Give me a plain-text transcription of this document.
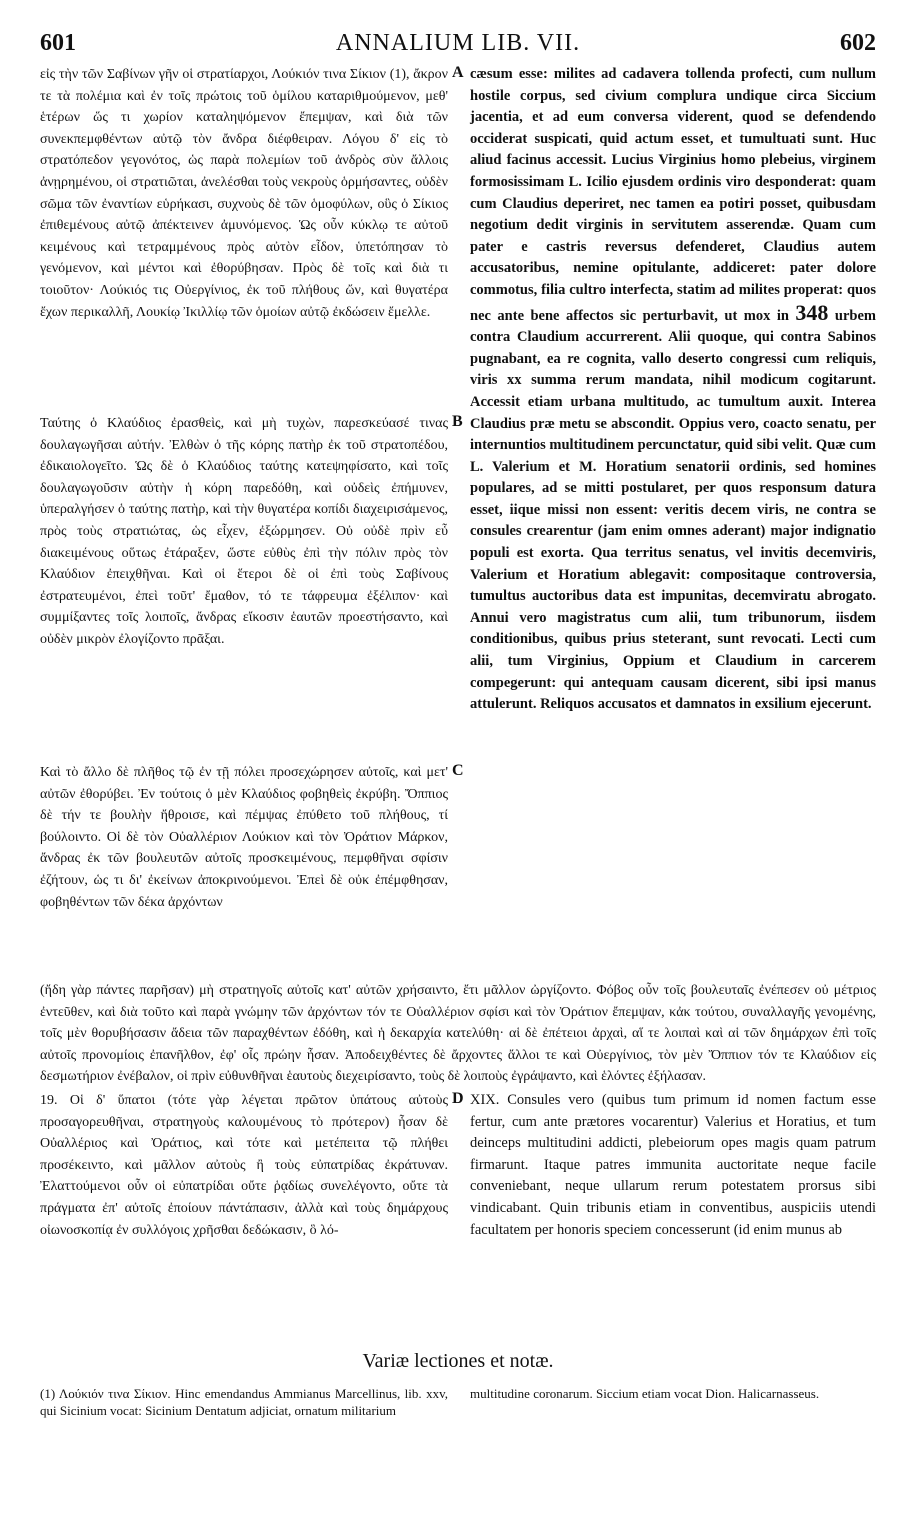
601	ANNALIUM LIB. VII.	602
εἰς τὴν τῶν Σαβίνων γῆν οἱ στρατίαρχοι, Λούκιόν τινα Σίκιον (1), ἄκρον τε τὰ πολέμια καὶ ἐν τοῖς πρώτοις τοῦ ὁμίλου καταριθμούμενον, μεθ' ἑτέρων ὥς τι χωρίον καταληψόμενον ἔπεμψαν, καὶ διὰ τῶν συνεκπεμφθέντων αὐτῷ τὸν ἄνδρα διέφθειραν. Λόγου δ' εἰς τὸ στρατόπεδον γεγονότος, ὡς παρὰ πολεμίων τοῦ ἀνδρὸς σὺν ἄλλοις ἀνῃρημένου, οἱ στρατιῶται, ἀνελέσθαι τοὺς νεκροὺς ὁρμήσαντες, οὐδὲν σῶμα τῶν ἐναντίων εὑρήκασι, συχνοὺς δὲ τῶν ὁμοφύλων, οὓς ὁ Σίκιος ἐπιθεμένους αὐτῷ ἀπέκτεινεν ἀμυνόμενος. Ὡς οὖν κύκλῳ τε αὐτοῦ κειμένους καὶ τετραμμένους πρὸς αὐτὸν εἶδον, ὑπετόπησαν τὸ γενόμενον, καὶ μέντοι καὶ ἐθορύβησαν. Πρὸς δὲ τοῖς καὶ διὰ τι τοιοῦτον· Λούκιός τις Οὐεργίνιος, ἐκ τοῦ πλήθους ὤν, καὶ θυγατέρα ἔχων περικαλλῆ, Λουκίῳ Ἰκιλλίῳ τῶν ὁμοίων αὐτῷ ἐκδώσειν ἔμελλε.
Ταύτης ὁ Κλαύδιος ἐρασθεὶς, καὶ μὴ τυχὼν, παρεσκεύασέ τινας δουλαγωγῆσαι αὐτήν. Ἐλθὼν ὁ τῆς κόρης πατὴρ ἐκ τοῦ στρατοπέδου, ἐδικαιολογεῖτο. Ὡς δὲ ὁ Κλαύδιος ταύτης κατεψηφίσατο, καὶ τοῖς δουλαγωγοῦσιν αὐτὴν ἡ κόρη παρεδόθη, καὶ οὐδεὶς ἐπήμυνεν, ὑπεραλγήσεν ὁ ταύτης πατὴρ, καὶ τὴν θυγατέρα κοπίδι διαχειρισάμενος, πρὸς τοὺς στρατιώτας, ὡς εἶχεν, ἐξώρμησεν. Οὐ οὐδὲ πρὶν εὖ διακειμένους οὕτως ἐτάραξεν, ὥστε εὐθὺς ἐπὶ τὴν πόλιν πρὸς τὸν Κλαύδιον ἐπειχθῆναι. Καὶ οἱ ἕτεροι δὲ οἱ ἐπὶ τοὺς Σαβίνους ἐστρατευμένοι, ἐπεὶ τοῦτ' ἔμαθον, τό τε τάφρευμα ἐξέλιπον· καὶ συμμίξαντες τοῖς λοιποῖς, ἄνδρας εἴκοσιν ἑαυτῶν προεστήσαντο, καὶ οὐδὲν μικρὸν ἐλογίζοντο πρᾶξαι.
Καὶ τὸ ἄλλο δὲ πλῆθος τῷ ἐν τῇ πόλει προσεχώρησεν αὐτοῖς, καὶ μετ' αὐτῶν ἐθορύβει. Ἐν τούτοις ὁ μὲν Κλαύδιος φοβηθεὶς ἐκρύβη. Ὄππιος δὲ τήν τε βουλὴν ἤθροισε, καὶ πέμψας ἐπύθετο τοῦ πλήθους, τί βούλοιντο. Οἱ δὲ τὸν Οὐαλλέριον Λούκιον καὶ τὸν Ὀράτιον Μάρκον, ἄνδρας ἐκ τῶν βουλευτῶν αὐτοῖς προσκειμένους, πεμφθῆναι σφίσιν ἐζήτουν, ὡς τι δι' ἐκείνων ἀποκρινούμενοι. Ἐπεὶ δὲ οὐκ ἐπέμφθησαν, φοβηθέντων τῶν δέκα ἀρχόντων
A
B
C
D
cæsum esse: milites ad cadavera tollenda profecti, cum nullum hostile corpus, sed civium complura undique circa Siccium jacentia, et ad eum conversa viderent, quod se defendendo occiderat suspicati, quid actum esset, et tumultuati sunt. Huc aliud facinus accessit. Lucius Virginius homo plebeius, virginem formosissimam L. Icilio ejusdem ordinis viro desponderat: quam cum Claudius deperiret, nec tamen ea potiri posset, quibusdam negotium dedit virginis in servitutem asserendæ. Quam cum pater e castris reversus defenderet, Claudius autem accusatoribus, nemine opitulante, addiceret: pater dolore commotus, filia cultro interfecta, statim ad milites properat: quos nec ante bene affectos sic perturbavit, ut mox in 348 urbem contra Claudium accurrerent. Alii quoque, qui contra Sabinos pugnabant, ea re cognita, vallo deserto congressi cum reliquis, viris xx summa rerum mandata, nihil modicum cogitarunt. Accessit etiam urbana multitudo, ac tumultum auxit. Interea Claudius præ metu se abscondit. Oppius vero, coacto senatu, per internuntios multitudinem percunctatur, quid sibi velit. Quæ cum L. Valerium et M. Horatium senatorii ordinis, sed homines populares, ad se mitti postularet, per quos responsum datura esset, iique missi non essent: veritis decem viris, ne contra se consules crearentur (jam enim omnes aderant) major indignatio populi est exorta. Qua territus senatus, vel invitis decemviris, Valerium et Horatium ablegavit: compositaque controversia, tumultus auctoribus data est impunitas, decemviratu abrogato. Annui vero magistratus cum alii, tum tribunorum, iisdem conditionibus, quibus prius steterant, sunt revocati. Lecti cum alii, tum Virginius, Oppium et Claudium in carcerem compegerunt: qui antequam causam dicerent, sibi ipsi manus attulerunt. Reliquos accusatos et damnatos in exsilium ejecerunt.
(ἤδη γὰρ πάντες παρῆσαν) μὴ στρατηγοῖς αὐτοῖς κατ' αὐτῶν χρήσαιντο, ἔτι μᾶλλον ὠργίζοντο. Φόβος οὖν τοῖς βουλευταῖς ἐνέπεσεν οὐ μέτριος ἐντεῦθεν, καὶ διὰ τοῦτο καὶ παρὰ γνώμην τῶν ἀρχόντων τόν τε Οὐαλλέριον σφίσι καὶ τὸν Ὀράτιον ἔπεμψαν, κἀκ τούτου, συναλλαγῆς γενομένης, τοῖς μὲν θορυβήσασιν ἄδεια τῶν παραχθέντων ἐδόθη, καὶ ἡ δεκαρχία κατελύθη· αἱ δὲ ἐπέτειοι ἀρχαὶ, αἵ τε λοιπαὶ καὶ αἱ τῶν δημάρχων ἐπὶ τοῖς αὐτοῖς προνομίοις ἐπανῆλθον, ἐφ' οἷς πρώην ἦσαν. Ἀποδειχθέντες δὲ ἄρχοντες ἄλλοι τε καὶ Οὐεργίνιος, τὸν μὲν Ὄππιον τόν τε Κλαύδιον εἰς δεσμωτήριον ἐνέβαλον, οἱ πρὶν εὐθυνθῆναι ἑαυτοὺς διεχειρίσαντο, τοὺς δὲ λοιποὺς ἐγράψαντο, καὶ ἑλόντες ἐξήλασαν.
19. Οἱ δ' ὕπατοι (τότε γὰρ λέγεται πρῶτον ὑπάτους αὐτοὺς προσαγορευθῆναι, στρατηγοὺς καλουμένους τὸ πρότερον) ἦσαν δὲ Οὐαλλέριος καὶ Ὀράτιος, καὶ τότε καὶ μετέπειτα τῷ πλήθει προσέκειντο, καὶ μᾶλλον αὐτοὺς ἢ τοὺς εὐπατρίδας ἐκράτυναν. Ἐλαττούμενοι οὖν οἱ εὐπατρίδαι οὔτε ῥᾳδίως συνελέγοντο, οὔτε τὰ πράγματα ἐπ' αὐτοῖς ἐποίουν πάντάπασιν, ἀλλὰ καὶ τοὺς δημάρχους οἰωνοσκοπίᾳ ἐν συλλόγοις χρῆσθαι δεδώκασιν, ὃ λό-
XIX. Consules vero (quibus tum primum id nomen factum esse fertur, cum ante prætores vocarentur) Valerius et Horatius, et tum deinceps multitudini addicti, plebeiorum opes magis quam patrum firmarunt. Itaque patres immunita auctoritate neque facile conveniebant, neque ullarum rerum potestatem prorsus sibi vindicabant. Quin tribunis etiam in conventibus, auspiciis utendi facultatem per honoris speciem concesserunt (id enim munus ab
Variæ lectiones et notæ.
(1) Λούκιόν τινα Σίκιον. Hinc emendandus Ammianus Marcellinus, lib. xxv, qui Sicinium vocat: Sicinium Dentatum adjiciat, ornatum militarium
multitudine coronarum. Siccium etiam vocat Dion. Halicarnasseus.
